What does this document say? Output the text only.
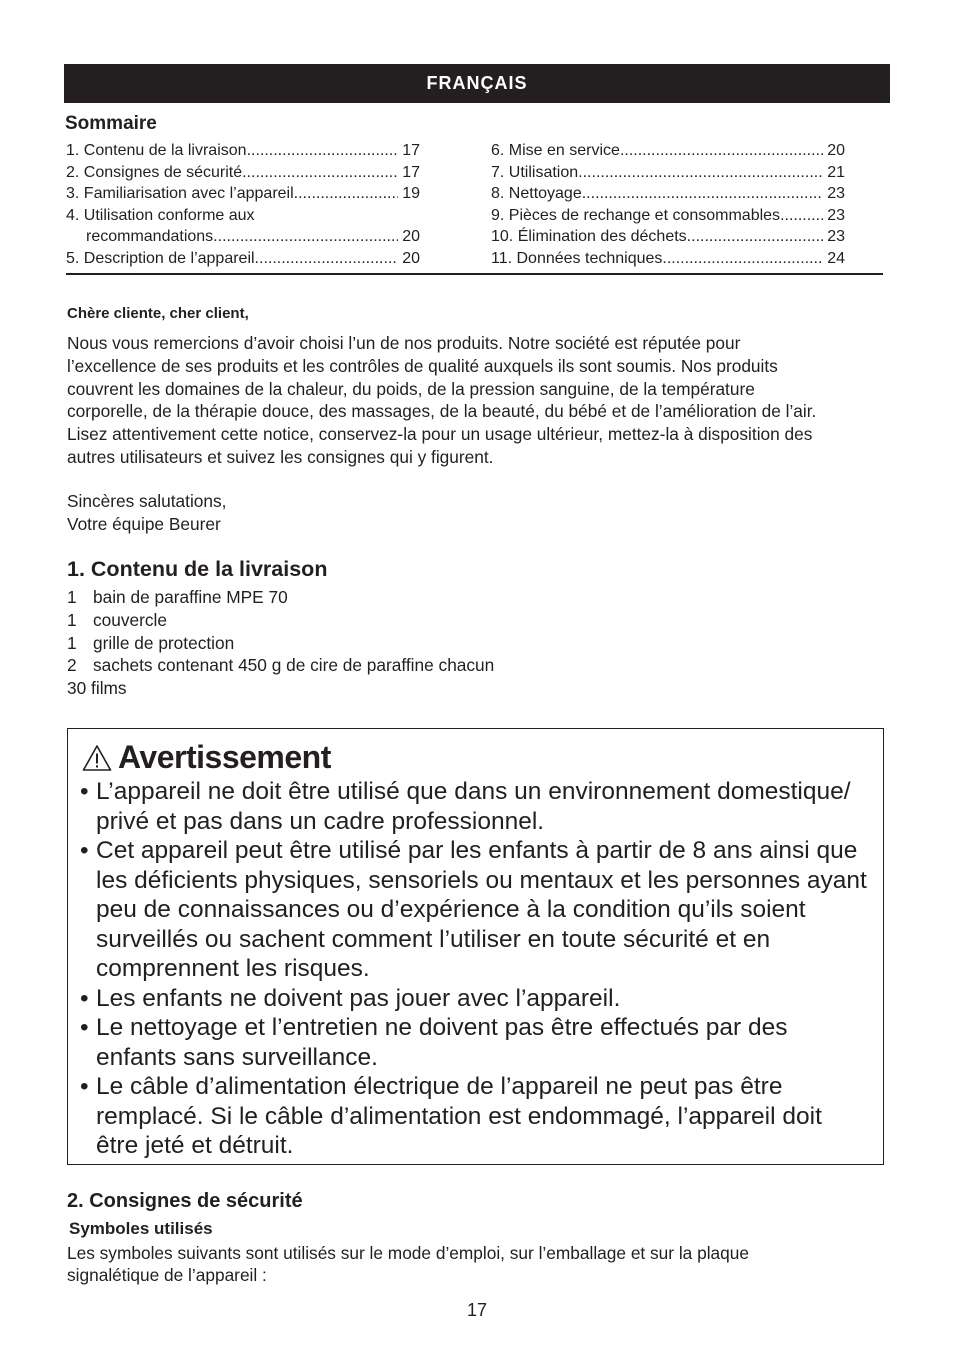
FRANÇAIS
Sommaire
1. Contenu de la livraison .....	17
2. Consignes de sécurité .....	17
3. Familiarisation avec l’appareil .....	19
4. Utilisation conforme aux
recommandations .....	20
5. Description de l’appareil .....	20
6. Mise en service .....	20
7. Utilisation .....	21
8. Nettoyage .....	23
9. Pièces de rechange et consommables .....	23
10. Élimination des déchets .....	23
11. Données techniques .....	24
Chère cliente, cher client,
Nous vous remercions d’avoir choisi l’un de nos produits. Notre société est réputée pour
l’excellence de ses produits et les contrôles de qualité auxquels ils sont soumis. Nos produits
couvrent les domaines de la chaleur, du poids, de la pression sanguine, de la température
corporelle, de la thérapie douce, des massages, de la beauté, du bébé et de l’amélioration de l’air.
Lisez attentivement cette notice, conservez-la pour un usage ultérieur, mettez-la à disposition des
autres utilisateurs et suivez les consignes qui y figurent.
Sincères salutations,
Votre équipe Beurer
1. Contenu de la livraison
1 bain de paraffine MPE 70
1 couvercle
1 grille de protection
2 sachets contenant 450 g de cire de paraffine chacun
30
films
Avertissement
• L’appareil ne doit être utilisé que dans un environnement domestique/ privé et pas dans un cadre professionnel.
• Cet appareil peut être utilisé par les enfants à partir de 8 ans ainsi que les déficients physiques, sensoriels ou mentaux et les personnes ayant peu de connaissances ou d’expérience à la condition qu’ils soient surveillés ou sachent comment l’utiliser en toute sécurité et en comprennent les risques.
• Les enfants ne doivent pas jouer avec l’appareil.
• Le nettoyage et l’entretien ne doivent pas être effectués par des enfants sans surveillance.
• Le câble d’alimentation électrique de l’appareil ne peut pas être remplacé. Si le câble d’alimentation est endommagé, l’appareil doit être jeté et détruit.
2. Consignes de sécurité
Symboles utilisés
Les symboles suivants sont utilisés sur le mode d’emploi, sur l’emballage et sur la plaque
signalétique de l’appareil :
17
